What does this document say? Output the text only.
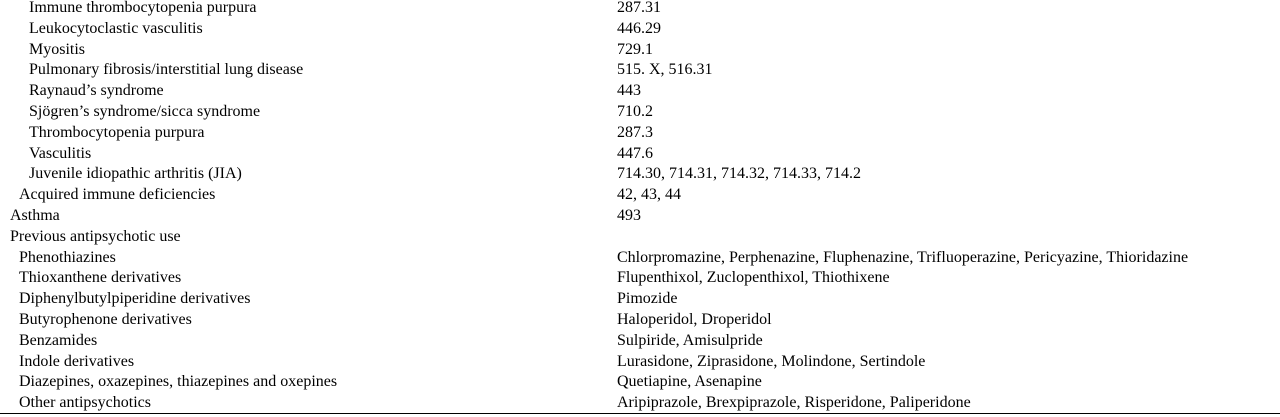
Immune thrombocytopenia purpura	287.31
Leukocytoclastic vasculitis	446.29
Myositis	729.1
Pulmonary fibrosis/interstitial lung disease	515. X, 516.31
Raynaud’s syndrome	443
Sjögren’s syndrome/sicca syndrome	710.2
Thrombocytopenia purpura	287.3
Vasculitis	447.6
Juvenile idiopathic arthritis (JIA)	714.30, 714.31, 714.32, 714.33, 714.2
Acquired immune deficiencies	42, 43, 44
Asthma	493
Previous antipsychotic use
Phenothiazines	Chlorpromazine, Perphenazine, Fluphenazine, Trifluoperazine, Pericyazine, Thioridazine
Thioxanthene derivatives	Flupenthixol, Zuclopenthixol, Thiothixene
Diphenylbutylpiperidine derivatives	Pimozide
Butyrophenone derivatives	Haloperidol, Droperidol
Benzamides	Sulpiride, Amisulpride
Indole derivatives	Lurasidone, Ziprasidone, Molindone, Sertindole
Diazepines, oxazepines, thiazepines and oxepines	Quetiapine, Asenapine
Other antipsychotics	Aripiprazole, Brexpiprazole, Risperidone, Paliperidone
